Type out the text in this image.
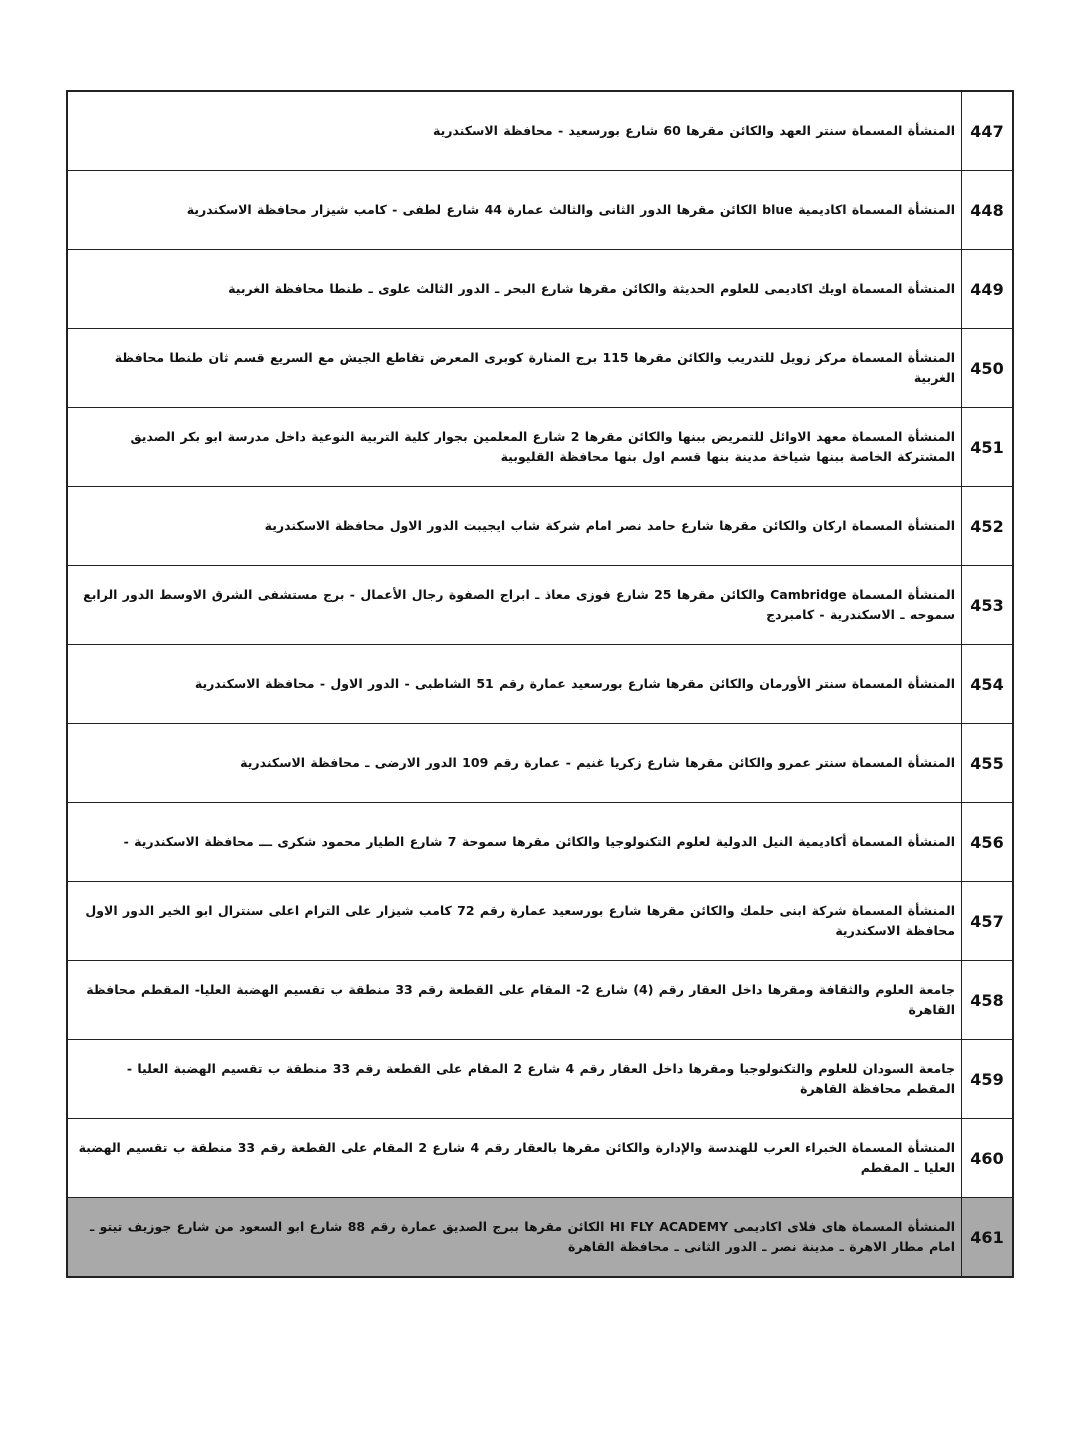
447	المنشأة المسماة سنتر العهد والكائن مقرها 60 شارع بورسعيد - محافظة الاسكندرية
448	المنشأة المسماة اكاديمية blue الكائن مقرها الدور الثانى والثالث عمارة 44 شارع لطفى - كامب شيزار محافظة الاسكندرية
449	المنشأة المسماة اويك اكاديمى للعلوم الحديثة والكائن مقرها شارع البحر ـ الدور الثالث علوى ـ طنطا محافظة الغربية
450	المنشأة المسماة مركز زويل للتدريب والكائن مقرها 115 برج المنارة كوبرى المعرض تقاطع الجيش مع السريع قسم ثان طنطا محافظة الغربية
451	المنشأة المسماة معهد الاوائل للتمريض ببنها والكائن مقرها 2 شارع المعلمين بجوار كلية التربية النوعية داخل مدرسة ابو بكر الصديق المشتركة الخاصة ببنها شياخة مدينة بنها قسم اول بنها محافظة القليوبية
452	المنشأة المسماة اركان والكائن مقرها شارع حامد نصر امام شركة شاب ايجيبت الدور الاول محافظة الاسكندرية
453	المنشأة المسماة Cambridge والكائن مقرها 25 شارع فوزى معاذ ـ ابراج الصفوة رجال الأعمال - برج مستشفى الشرق الاوسط الدور الرابع سموحه ـ الاسكندرية - كامبردج
454	المنشأة المسماة سنتر الأورمان والكائن مقرها شارع بورسعيد عمارة رقم 51 الشاطبى - الدور الاول - محافظة الاسكندرية
455	المنشأة المسماة سنتر عمرو والكائن مقرها شارع زكريا غنيم - عمارة رقم 109 الدور الارضى ـ محافظة الاسكندرية
456	المنشأة المسماة أكاديمية النيل الدولية لعلوم التكنولوجيا والكائن مقرها سموحة 7 شارع الطيار محمود شكرى ـــ محافظة الاسكندرية -
457	المنشأة المسماة شركة ابنى حلمك والكائن مقرها شارع بورسعيد عمارة رقم 72 كامب شيزار على الترام اعلى سنترال ابو الخير الدور الاول محافظة الاسكندرية
458	جامعة العلوم والثقافة ومقرها داخل العقار رقم (4) شارع 2- المقام على القطعة رقم 33 منطقة ب تقسيم الهضبة العليا- المقطم محافظة القاهرة
459	جامعة السودان للعلوم والتكنولوجيا ومقرها داخل العقار رقم 4 شارع 2 المقام على القطعة رقم 33 منطقة ب تقسيم الهضبة العليا - المقطم محافظة القاهرة
460	المنشأة المسماة الخبراء العرب للهندسة والإدارة والكائن مقرها بالعقار رقم 4 شارع 2 المقام على القطعة رقم 33 منطقة ب تقسيم الهضبة العليا ـ المقطم
461	المنشأة المسماة هاى فلاى اكاديمى HI FLY ACADEMY الكائن مقرها ببرج الصديق عمارة رقم 88 شارع ابو السعود من شارع جوزيف تيتو ـ امام مطار الاهرة ـ مدينة نصر ـ الدور الثانى ـ محافظة القاهرة
